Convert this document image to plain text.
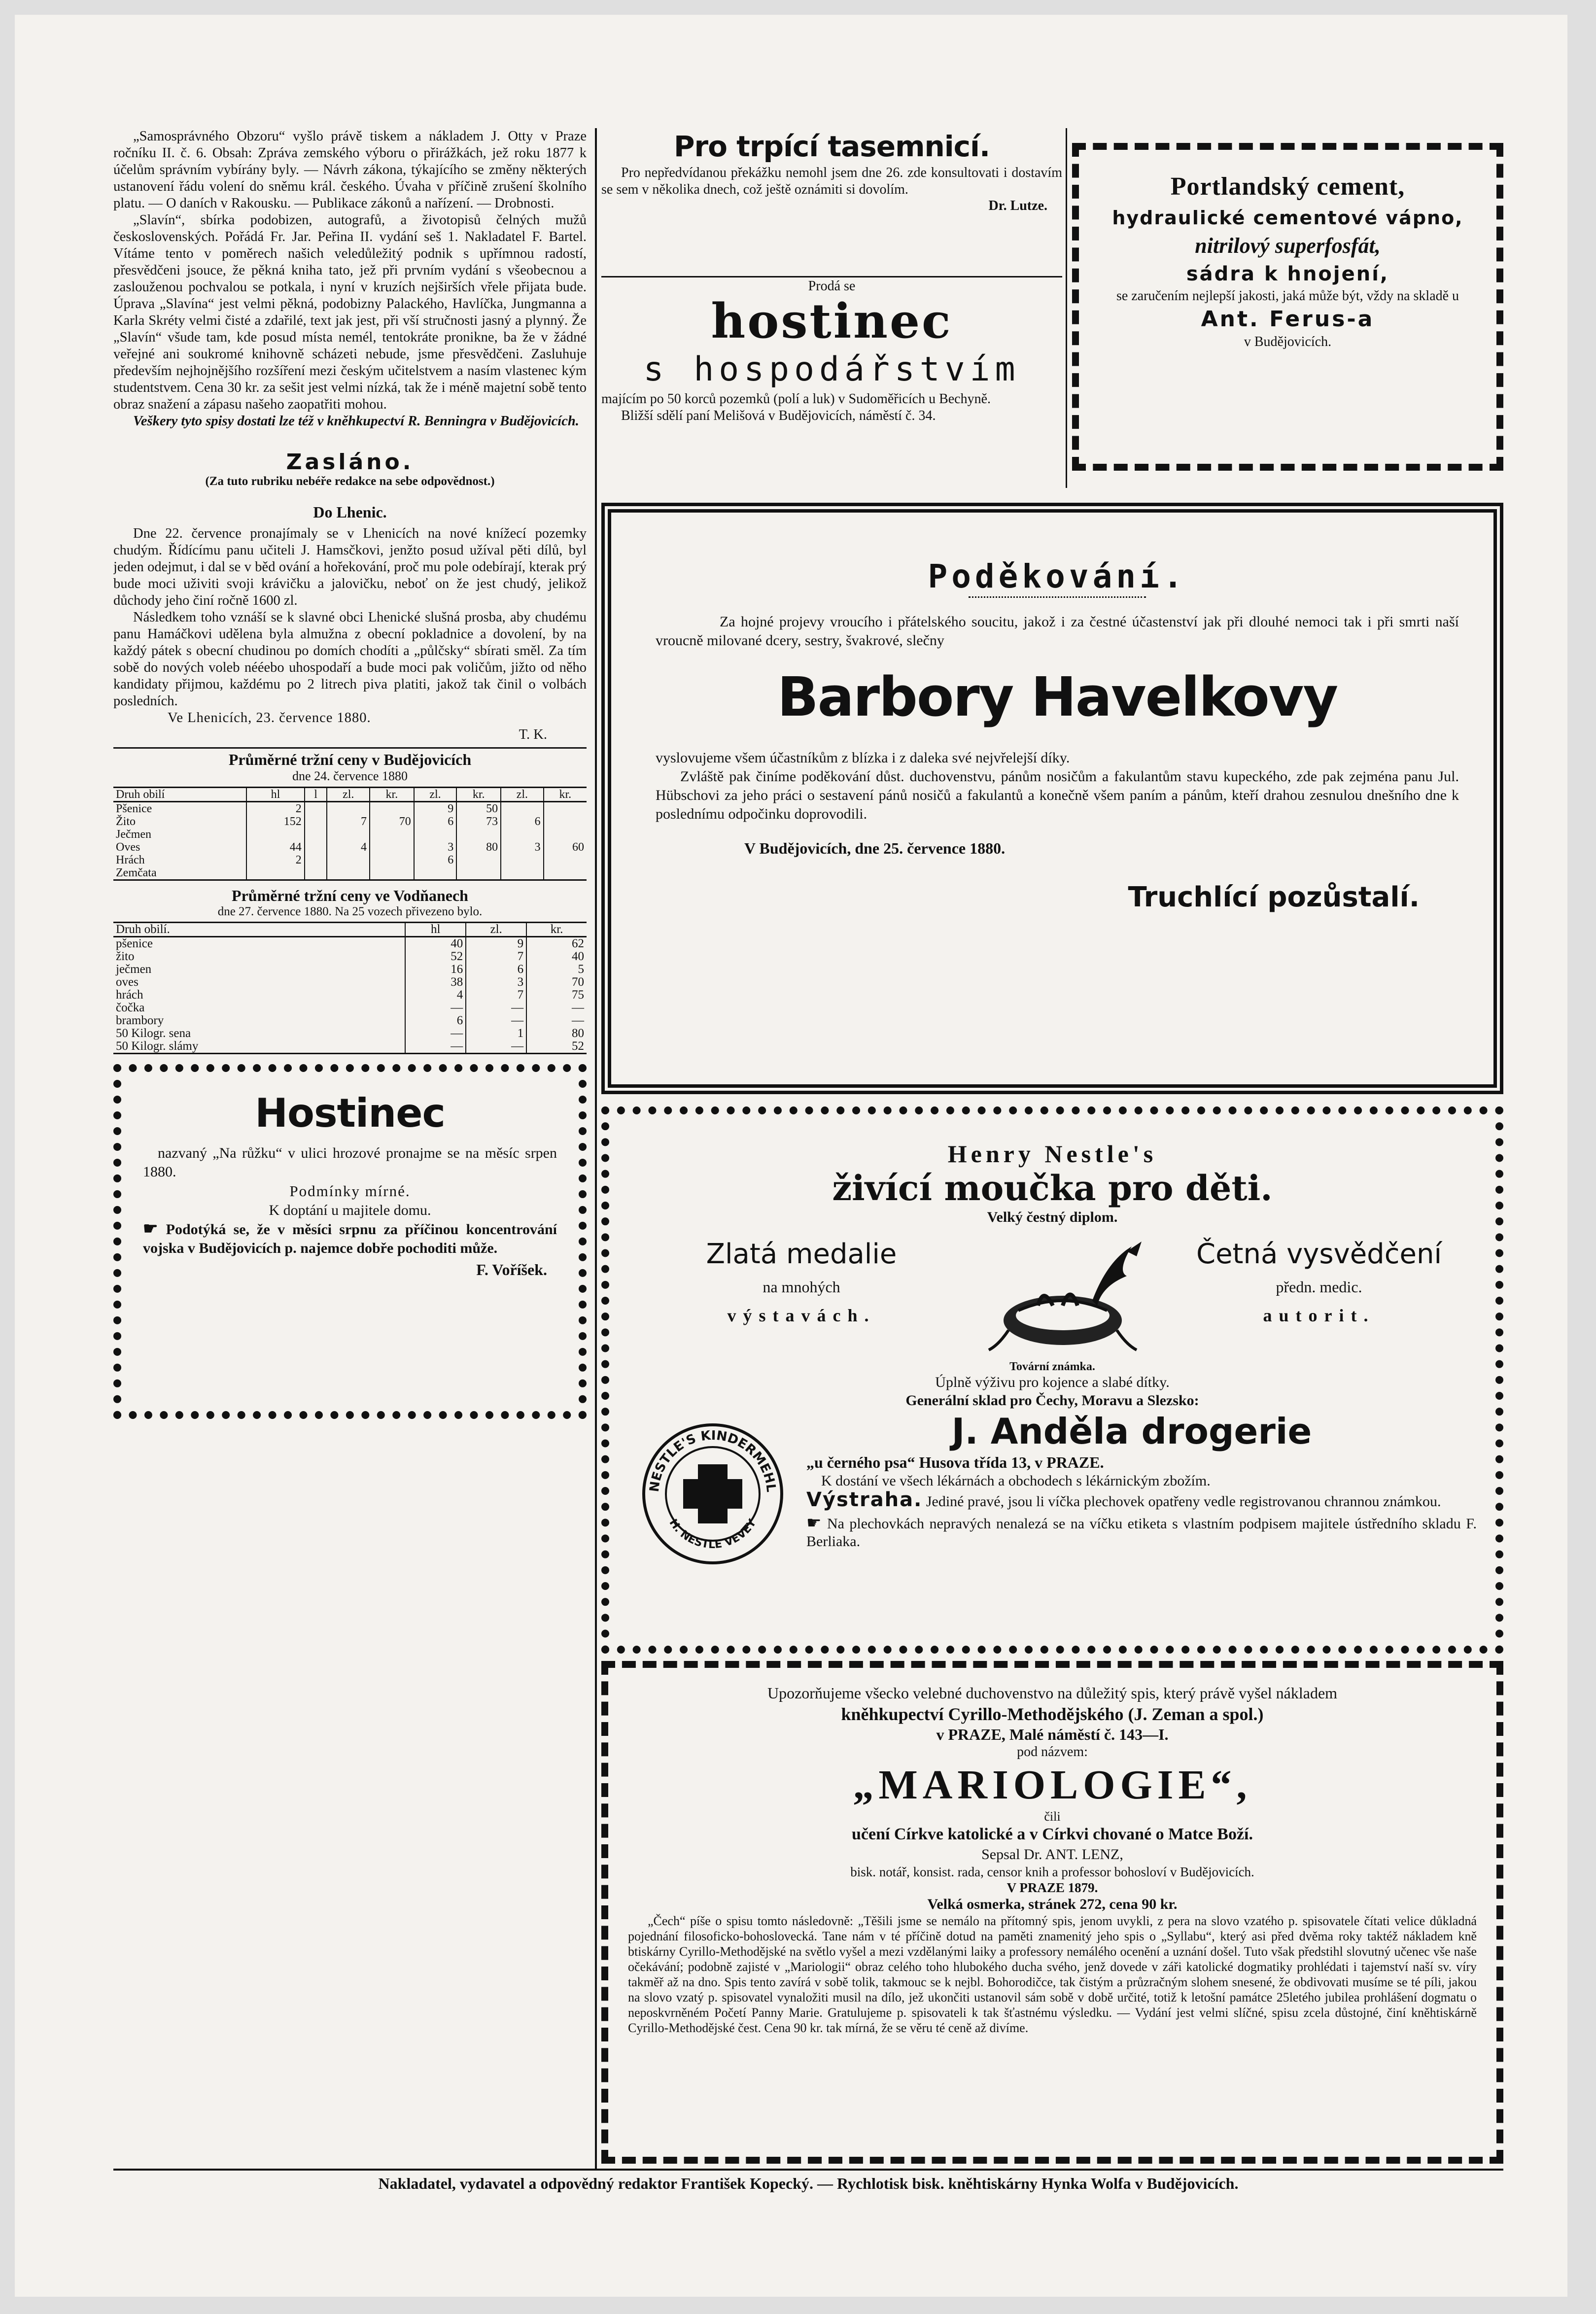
„Samosprávného Obzoru“ vyšlo právě tiskem a nákladem J. Otty v Praze ročníku II. č. 6. Obsah: Zpráva zemského výboru o přirážkách, jež roku 1877 k účelům správním vybírány byly. — Návrh zákona, týkajícího se změny některých ustanovení řádu volení do sněmu král. českého. Úvaha v příčině zrušení školního platu. — O daních v Rakousku. — Publikace zákonů a nařízení. — Drobnosti.

„Slavín“, sbírka podobizen, autografů, a životopisů čelných mužů československých. Pořádá Fr. Jar. Peřina II. vydání seš 1. Nakladatel F. Bartel. Vítáme tento v poměrech našich veledůležitý podnik s upřímnou radostí, přesvědčeni jsouce, že pěkná kniha tato, jež při prvním vydání s všeobecnou a zaslouženou pochvalou se potkala, i nyní v kruzích nejširších vřele přijata bude. Úprava „Slavína“ jest velmi pěkná, podobizny Palackého, Havlíčka, Jungmanna a Karla Skréty velmi čisté a zdařilé, text jak jest, při vší stručnosti jasný a plynný. Že „Slavín“ všude tam, kde posud místa nemél, tentokráte pronikne, ba že v žádné veřejné ani soukromé knihovně scházeti nebude, jsme přesvědčeni. Zasluhuje především nejhojnějšího rozšíření mezi českým učitelstvem a nasím vlastenec kým studentstvem. Cena 30 kr. za sešit jest velmi nízká, tak že i méně majetní sobě tento obraz snažení a zápasu našeho zaopatřiti mohou.

Veškery tyto spisy dostati lze též v kněhkupectví R. Benningra v Budějovicích.

Zasláno.

(Za tuto rubriku nebéře redakce na sebe odpovědnost.)

Do Lhenic.

Dne 22. července pronajímaly se v Lhenicích na nové knížecí pozemky chudým. Řídícímu panu učiteli J. Hamsčkovi, jenžto posud užíval pěti dílů, byl jeden odejmut, i dal se v běd ování a hořekování, proč mu pole odebírají, kterak prý bude moci uživiti svoji krávičku a jalovičku, neboť on že jest chudý, jelikož důchody jeho činí ročně 1600 zl.

Následkem toho vznáší se k slavné obci Lhenické slušná prosba, aby chudému panu Hamáčkovi udělena byla almužna z obecní pokladnice a dovolení, by na každý pátek s obecní chudinou po domích chodíti a „půlčsky“ sbírati směl. Za tím sobě do nových voleb nééebo uhospodaří a bude moci pak voličům, jižto od něho kandidaty přijmou, každému po 2 litrech piva platiti, jakož tak činil o volbách posledních.

Ve Lhenicích, 23. července 1880.

T. K.

Průměrné tržní ceny v Budějovicích

dne 24. července 1880

Druh obilí	hl	l	zl.	kr.	zl.	kr.	zl.	kr.
Pšenice	2				9	50		
Žito	152		7	70	6	73	6	
Ječmen								
Oves	44		4		3	80	3	60
Hrách	2				6			
Zemčata								

Průměrné tržní ceny ve Vodňanech

dne 27. července 1880. Na 25 vozech přivezeno bylo.

Druh obilí.	hl	zl.	kr.
pšenice	40	9	62
žito	52	7	40
ječmen	16	6	5
oves	38	3	70
hrách	4	7	75
čočka	—	—	—
brambory	6	—	—
50 Kilogr. sena	—	1	80
50 Kilogr. slámy	—	—	52

Hostinec

nazvaný „Na růžku“ v ulici hrozové pronajme se na měsíc srpen 1880.

Podmínky mírné.

K doptání u majitele domu.

☛ Podotýká se, že v měsíci srpnu za příčinou koncentrování vojska v Budějovicích p. najemce dobře pochoditi může.

F. Voříšek.

Pro trpící tasemnicí.

Pro nepředvídanou překážku nemohl jsem dne 26. zde konsultovati i dostavím se sem v několika dnech, což ještě oznámiti si dovolím.

Dr. Lutze.

Prodá se

hostinec

s hospodářstvím

majícím po 50 korců pozemků (polí a luk) v Sudoměřicích u Bechyně.

Bližší sdělí paní Melišová v Budějovicích, náměstí č. 34.

Portlandský cement,

hydraulické cementové vápno,

nitrilový superfosfát,

sádra k hnojení,

se zaručením nejlepší jakosti, jaká může být, vždy na skladě u

Ant. Ferus-a

v Budějovicích.

Poděkování.

Za hojné projevy vroucího i přátelského soucitu, jakož i za čestné účastenství jak při dlouhé nemoci tak i při smrti naší vroucně milované dcery, sestry, švakrové, slečny

Barbory Havelkovy

vyslovujeme všem účastníkům z blízka i z daleka své nejvřelejší díky.

Zvláště pak činíme poděkování důst. duchovenstvu, pánům nosičům a fakulantům stavu kupeckého, zde pak zejména panu Jul. Hübschovi za jeho práci o sestavení pánů nosičů a fakulantů a konečně všem paním a pánům, kteří drahou zesnulou dnešního dne k poslednímu odpočinku doprovodili.

V Budějovicích, dne 25. července 1880.

Truchlící pozůstalí.

Henry Nestle's

živící moučka pro děti.

Velký čestný diplom.

Zlatá medalie

na mnohých

výstavách.

Četná vysvědčení

předn. medic.

autorit.

Tovární známka.

Úplně výživu pro kojence a slabé dítky.

Generální sklad pro Čechy, Moravu a Slezsko:

NESTLE'S KINDERMEHL
H. NESTLE VEVEY

J. Anděla drogerie

„u černého psa“ Husova třída 13, v PRAZE.

K dostání ve všech lékárnách a obchodech s lékárnickým zbožím.

Výstraha. Jediné pravé, jsou li víčka plechovek opatřeny vedle registrovanou chrannou známkou.

☛ Na plechovkách nepravých nenalezá se na víčku etiketa s vlastním podpisem majitele ústředního skladu F. Berliaka.

Upozorňujeme všecko velebné duchovenstvo na důležitý spis, který právě vyšel nákladem

kněhkupectví Cyrillo-Methodějského (J. Zeman a spol.)

v PRAZE, Malé náměstí č. 143—I.

pod názvem:

„MARIOLOGIE“,

čili

učení Církve katolické a v Církvi chované o Matce Boží.

Sepsal Dr. ANT. LENZ,

bisk. notář, konsist. rada, censor knih a professor bohosloví v Budějovicích.

V PRAZE 1879.

Velká osmerka, stránek 272, cena 90 kr.

„Čech“ píše o spisu tomto následovně: „Těšili jsme se nemálo na přítomný spis, jenom uvykli, z pera na slovo vzatého p. spisovatele čítati velice důkladná pojednání filosoficko-bohoslovecká. Tane nám v té příčině dotud na paměti znamenitý jeho spis o „Syllabu“, který asi před dvěma roky taktéž nákladem kně btiskárny Cyrillo-Methodějské na světlo vyšel a mezi vzdělanými laiky a professory nemálého ocenění a uznání došel. Tuto však předstihl slovutný učenec vše naše očekávání; podobně zajisté v „Mariologii“ obraz celého toho hlubokého ducha svého, jenž dovede v záři katolické dogmatiky prohlédati i tajemství naší sv. víry takměř až na dno. Spis tento zavírá v sobě tolik, takmouc se k nejbl. Bohorodičce, tak čistým a průzračným slohem snesené, že obdivovati musíme se té píli, jakou na slovo vzatý p. spisovatel vynaložiti musil na dílo, jež ukončiti ustanovil sám sobě v době určité, totiž k letošní památce 25letého jubilea prohlášení dogmatu o neposkvrněném Početí Panny Marie. Gratulujeme p. spisovateli k tak šťastnému výsledku. — Vydání jest velmi slíčné, spisu zcela důstojné, činí kněhtiskárně Cyrillo-Methodějské čest. Cena 90 kr. tak mírná, že se věru té ceně až divíme.

Nakladatel, vydavatel a odpovědný redaktor František Kopecký. — Rychlotisk bisk. kněhtiskárny Hynka Wolfa v Budějovicích.
